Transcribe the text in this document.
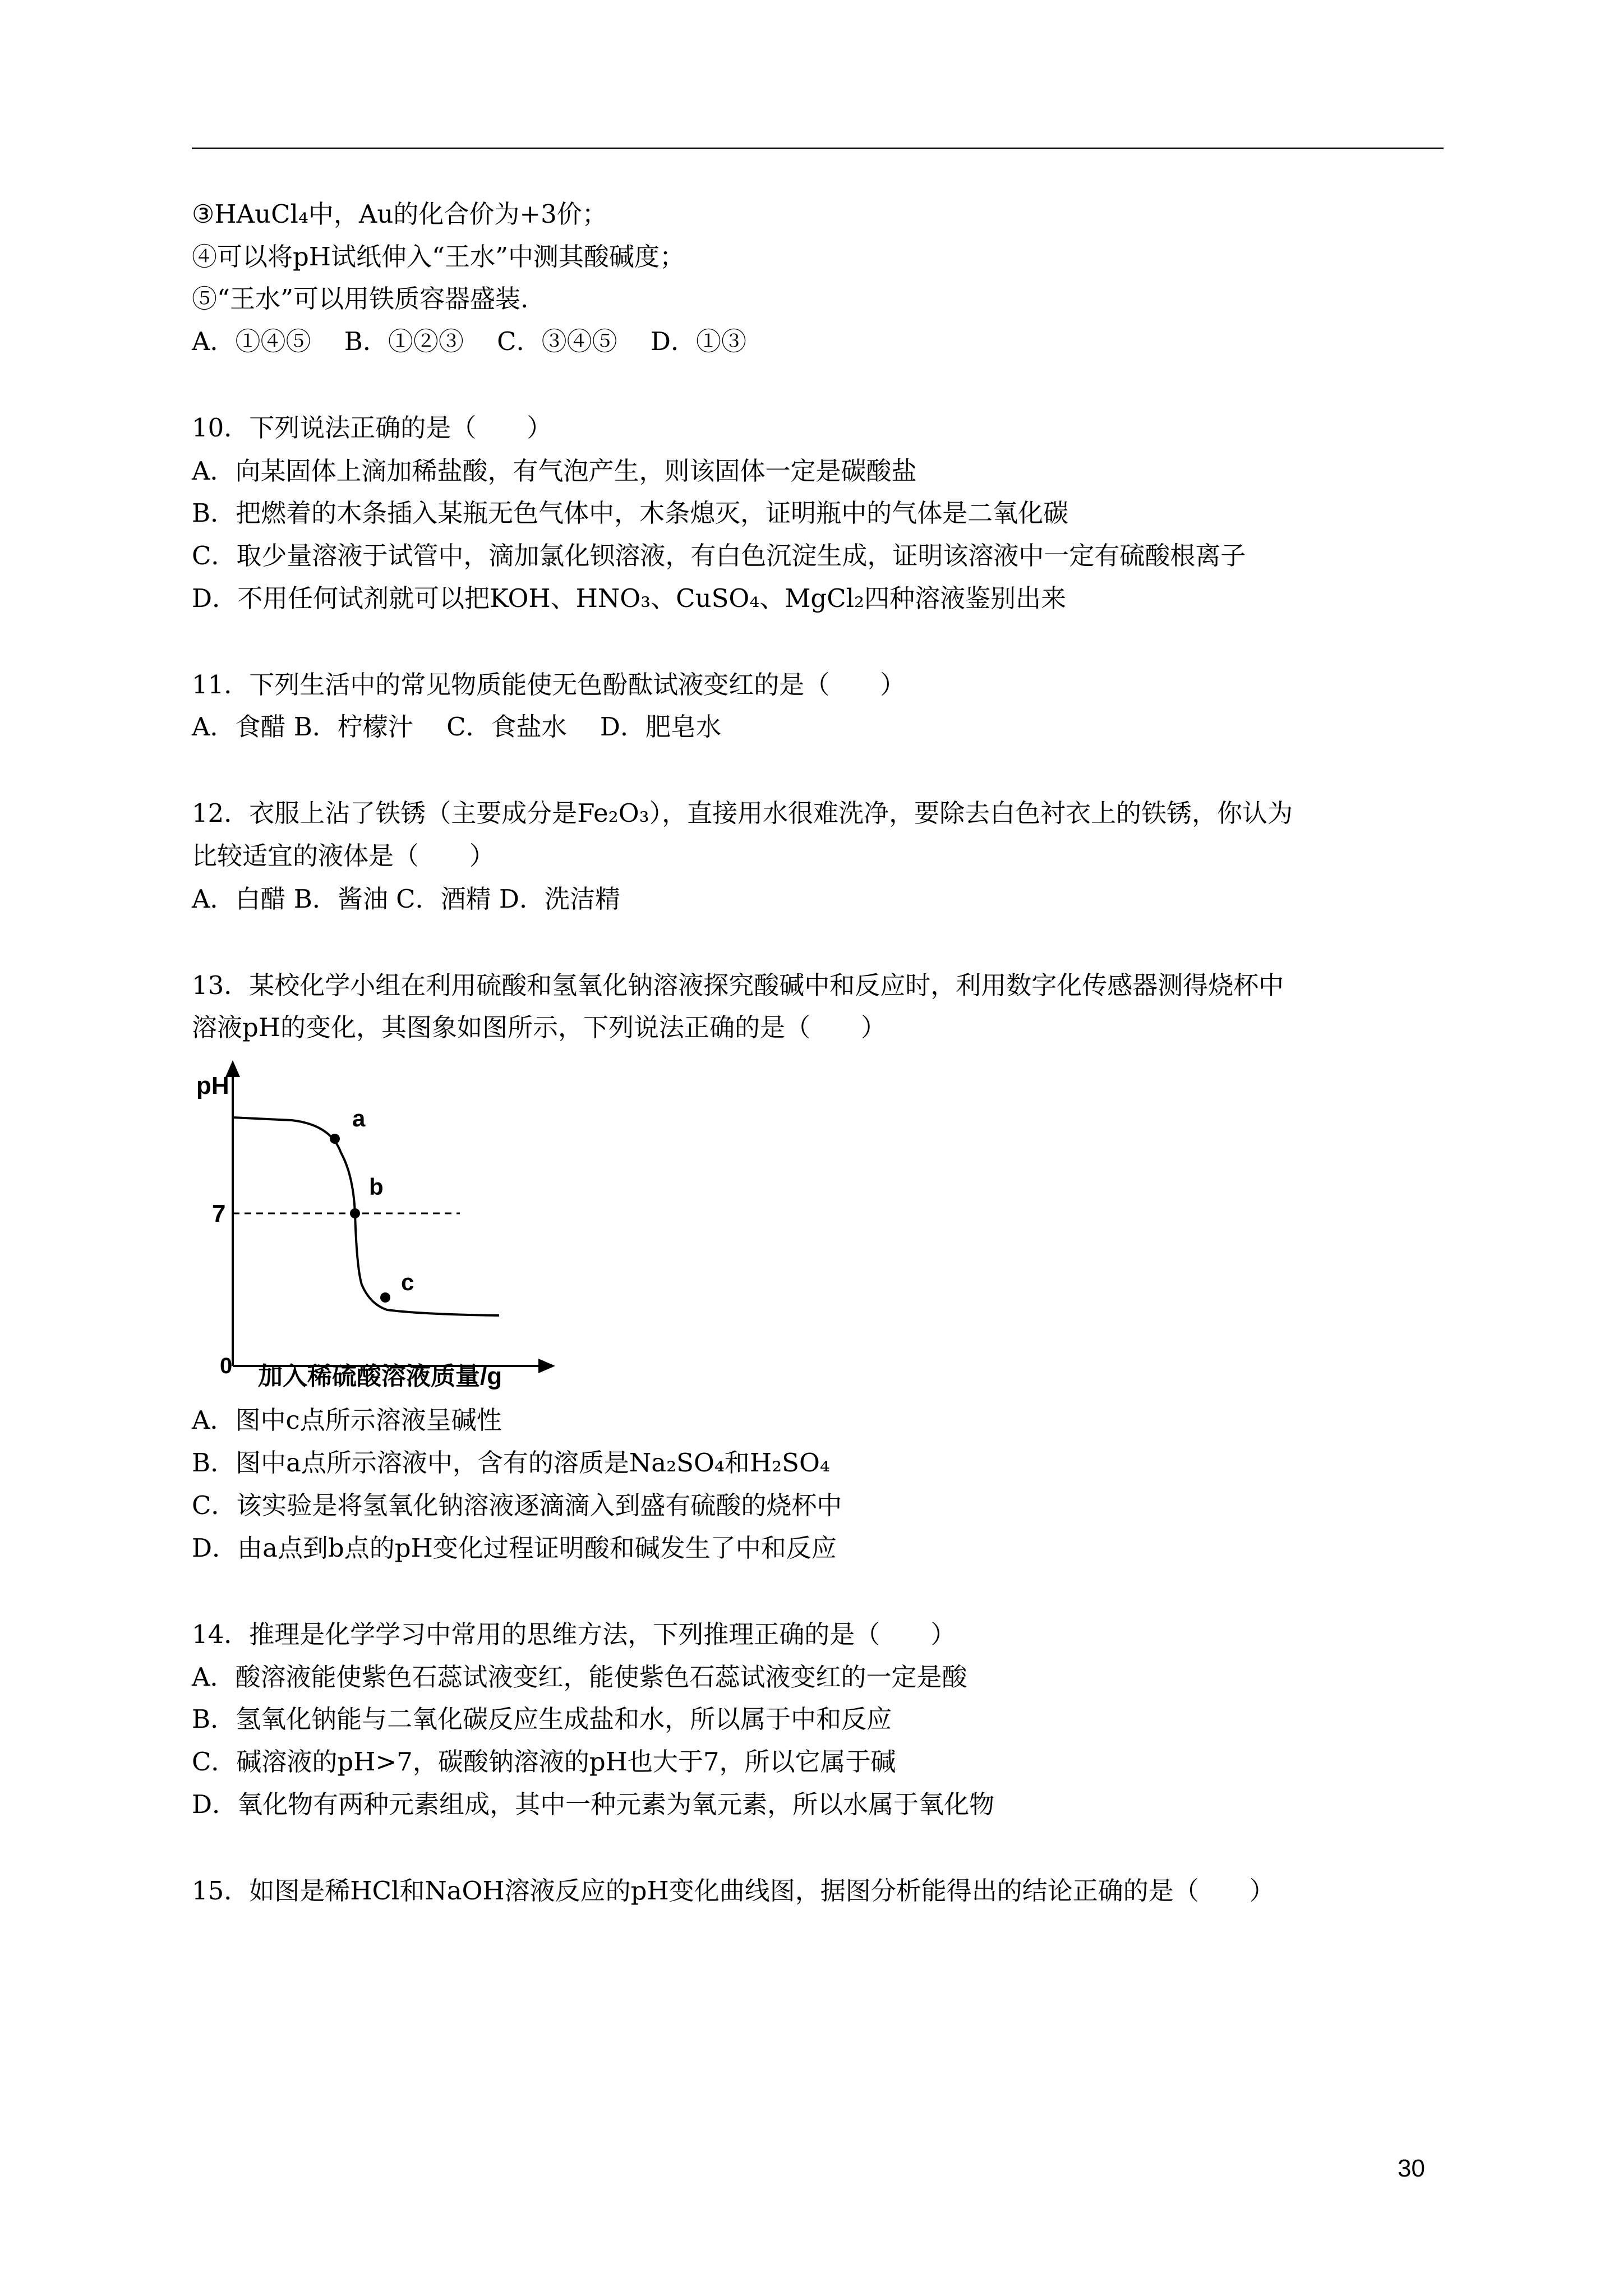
③HAuCl₄中，Au的化合价为+3价；
④可以将pH试纸伸入“王水”中测其酸碱度；
⑤“王水”可以用铁质容器盛装.
A．①④⑤　 B．①②③　 C．③④⑤　 D．①③
10．下列说法正确的是（　　）
A．向某固体上滴加稀盐酸，有气泡产生，则该固体一定是碳酸盐
B．把燃着的木条插入某瓶无色气体中，木条熄灭，证明瓶中的气体是二氧化碳
C．取少量溶液于试管中，滴加氯化钡溶液，有白色沉淀生成，证明该溶液中一定有硫酸根离子
D．不用任何试剂就可以把KOH、HNO₃、CuSO₄、MgCl₂四种溶液鉴别出来
11．下列生活中的常见物质能使无色酚酞试液变红的是（　　）
A．食醋 B．柠檬汁　 C．食盐水　 D．肥皂水
12．衣服上沾了铁锈（主要成分是Fe₂O₃），直接用水很难洗净，要除去白色衬衣上的铁锈，你认为
比较适宜的液体是（　　）
A．白醋 B．酱油 C．酒精 D．洗洁精
13．某校化学小组在利用硫酸和氢氧化钠溶液探究酸碱中和反应时，利用数字化传感器测得烧杯中
溶液pH的变化，其图象如图所示，下列说法正确的是（　　）
pH
7
0
a
b
c
加入稀硫酸溶液质量/g
A．图中c点所示溶液呈碱性
B．图中a点所示溶液中，含有的溶质是Na₂SO₄和H₂SO₄
C．该实验是将氢氧化钠溶液逐滴滴入到盛有硫酸的烧杯中
D．由a点到b点的pH变化过程证明酸和碱发生了中和反应
14．推理是化学学习中常用的思维方法，下列推理正确的是（　　）
A．酸溶液能使紫色石蕊试液变红，能使紫色石蕊试液变红的一定是酸
B．氢氧化钠能与二氧化碳反应生成盐和水，所以属于中和反应
C．碱溶液的pH>7，碳酸钠溶液的pH也大于7，所以它属于碱
D．氧化物有两种元素组成，其中一种元素为氧元素，所以水属于氧化物
15．如图是稀HCl和NaOH溶液反应的pH变化曲线图，据图分析能得出的结论正确的是（　　）
30
